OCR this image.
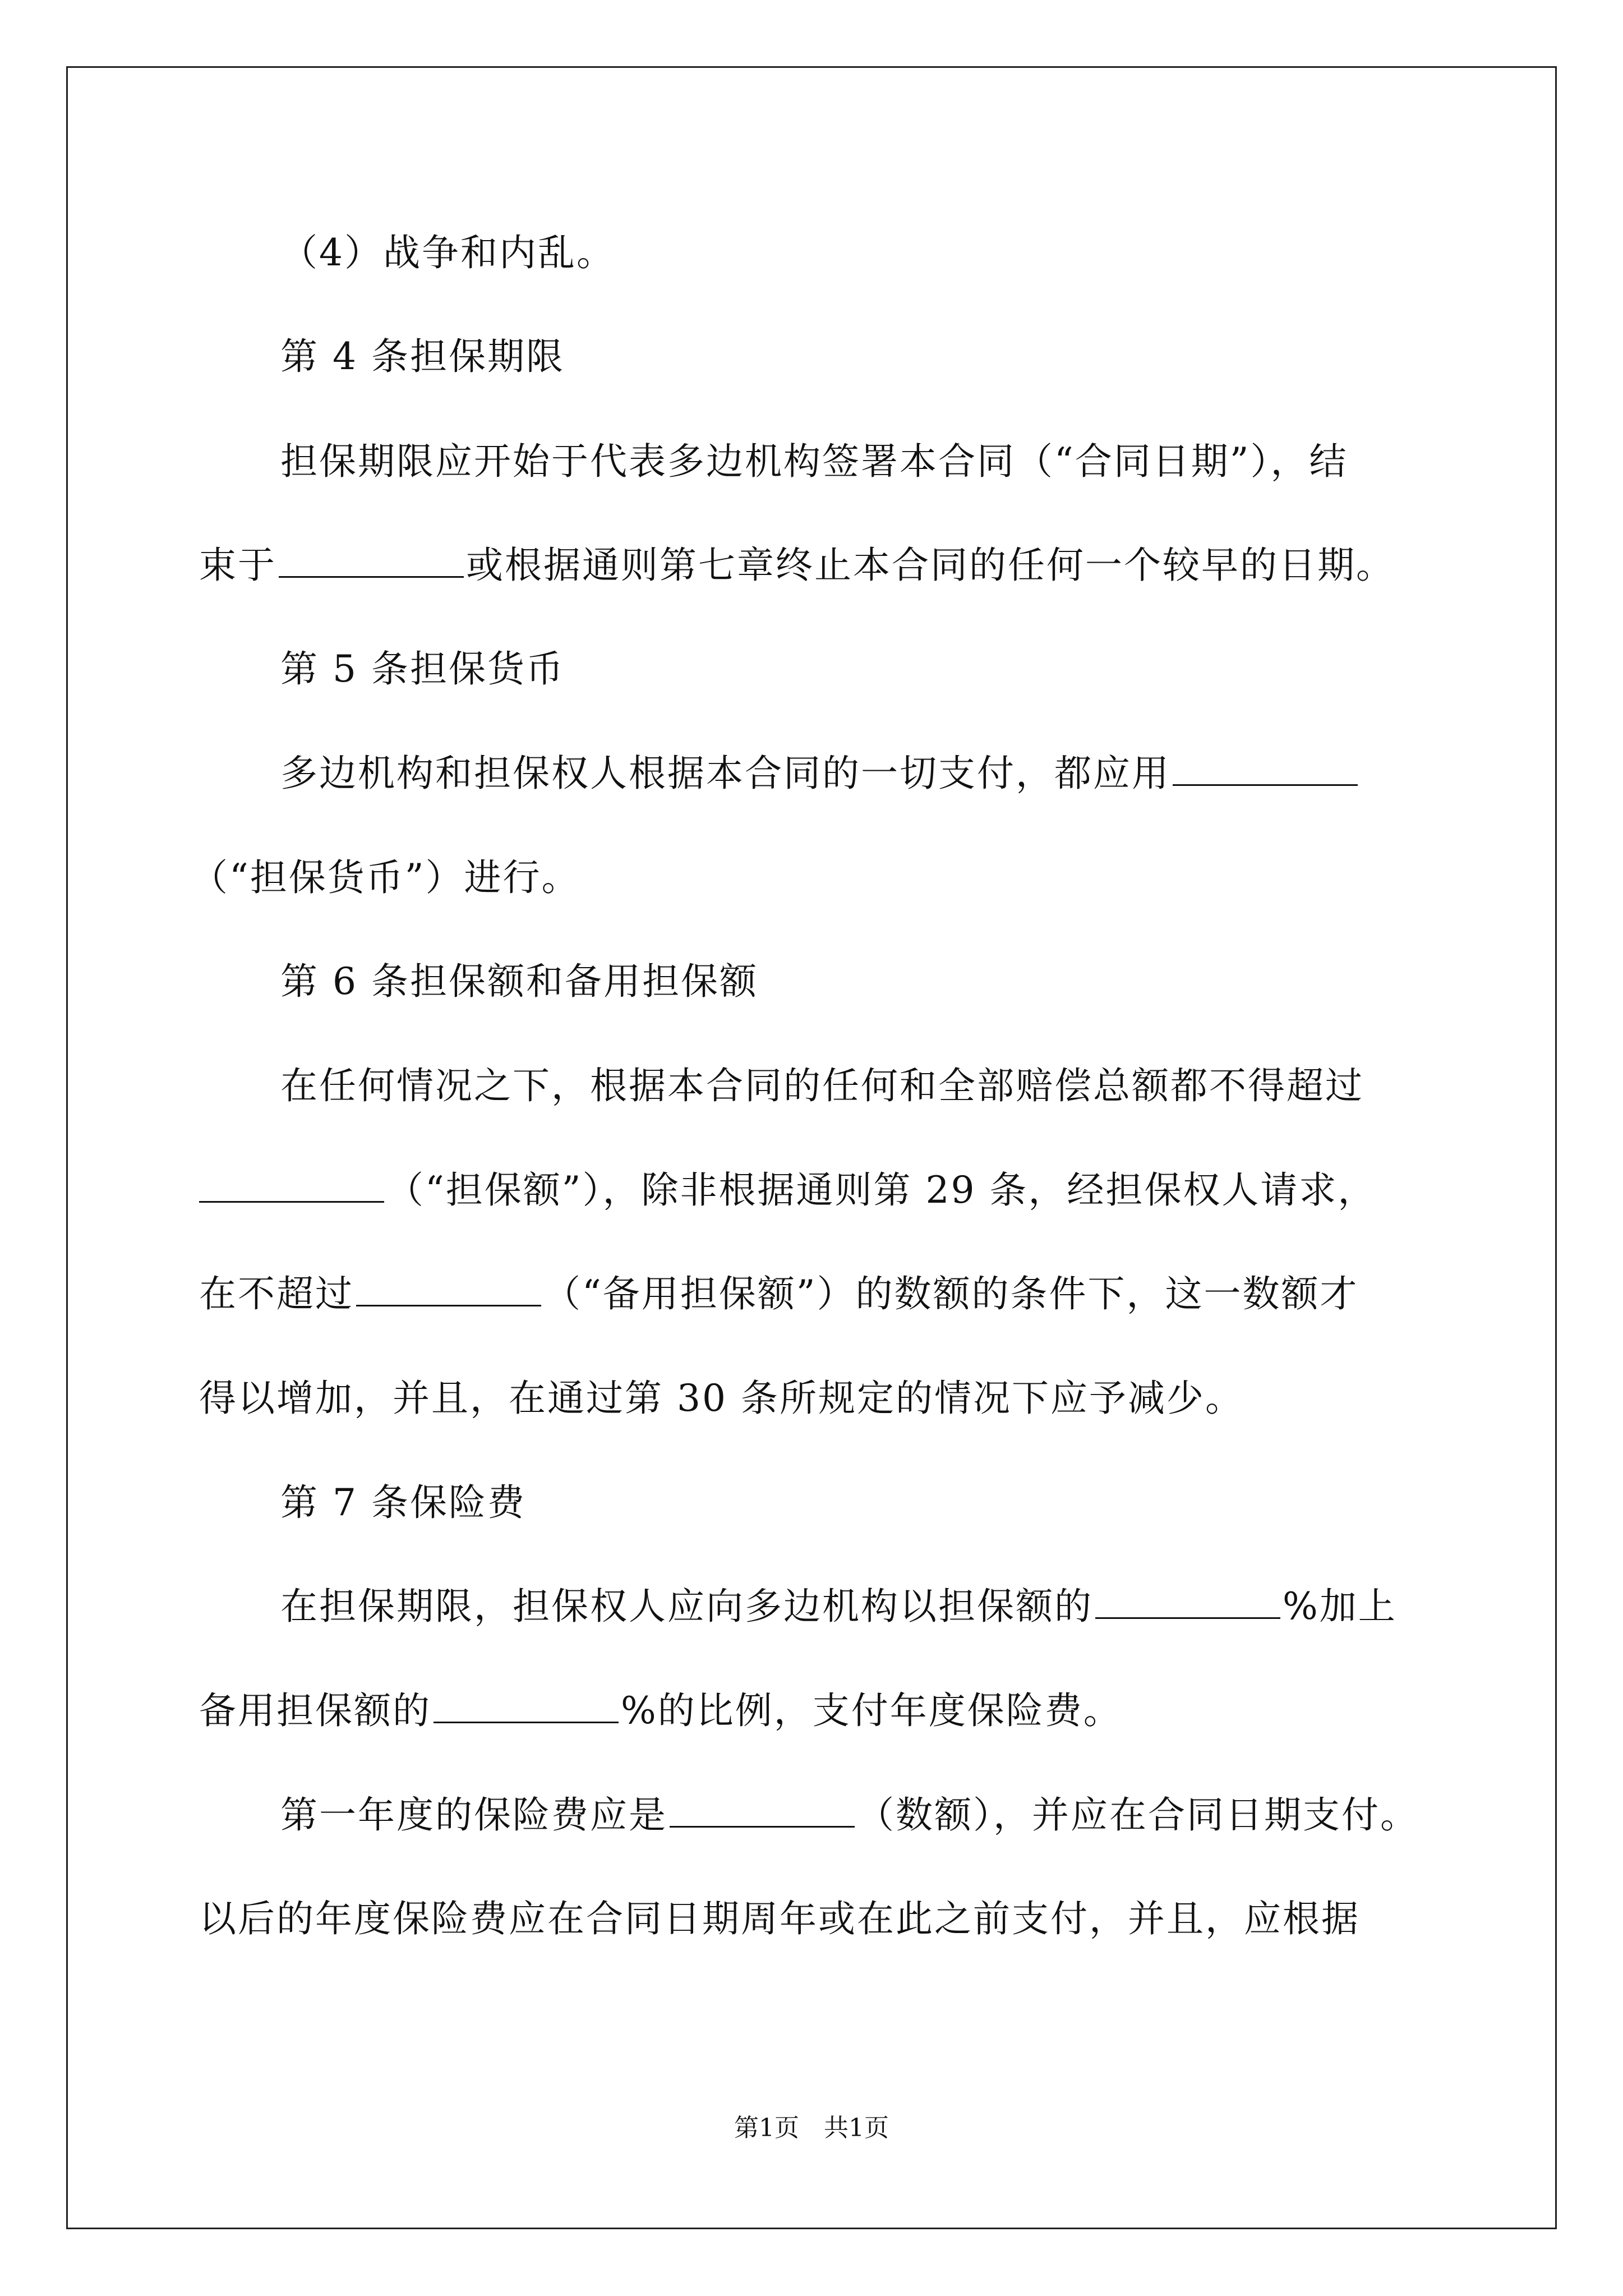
（4）战争和内乱。
第 4 条担保期限
担保期限应开始于代表多边机构签署本合同（“合同日期”），结
束于	或根据通则第七章终止本合同的任何一个较早的日期。
第 5 条担保货币
多边机构和担保权人根据本合同的一切支付，都应用
（“担保货币”）进行。
第 6 条担保额和备用担保额
在任何情况之下，根据本合同的任何和全部赔偿总额都不得超过
（“担保额”），除非根据通则第 29 条，经担保权人请求，
在不超过	（“备用担保额”）的数额的条件下，这一数额才
得以增加，并且，在通过第 30 条所规定的情况下应予减少。
第 7 条保险费
在担保期限，担保权人应向多边机构以担保额的	%加上
备用担保额的	%的比例，支付年度保险费。
第一年度的保险费应是	（数额），并应在合同日期支付。
以后的年度保险费应在合同日期周年或在此之前支付，并且，应根据
第1页　共1页
